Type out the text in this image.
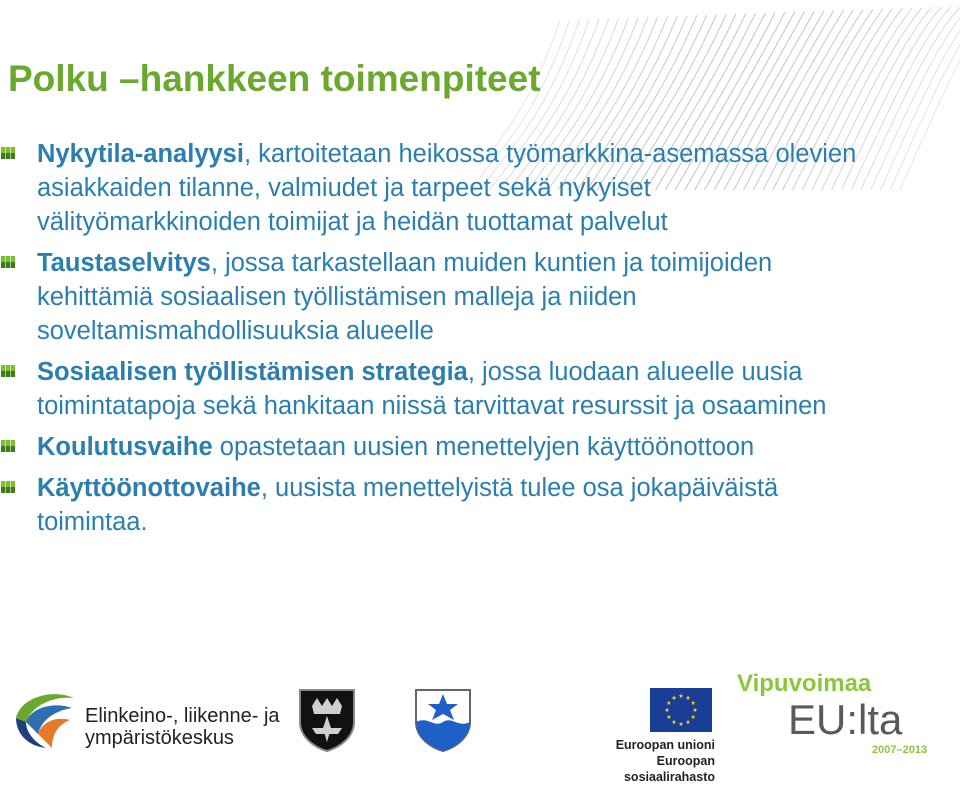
Polku –hankkeen toimenpiteet

Nykytila-analyysi, kartoitetaan heikossa työmarkkina-asemassa olevien asiakkaiden tilanne, valmiudet ja tarpeet sekä nykyiset välityömarkkinoiden toimijat ja heidän tuottamat palvelut

Taustaselvitys, jossa tarkastellaan muiden kuntien ja toimijoiden kehittämiä sosiaalisen työllistämisen malleja ja niiden soveltamismahdollisuuksia alueelle

Sosiaalisen työllistämisen strategia, jossa luodaan alueelle uusia toimintatapoja sekä hankitaan niissä tarvittavat resurssit ja osaaminen

Koulutusvaihe opastetaan uusien menettelyjen käyttöönottoon

Käyttöönottovaihe, uusista menettelyistä tulee osa jokapäiväistä toimintaa.

Elinkeino-, liikenne- ja
ympäristökeskus	Euroopan unioni
Euroopan sosiaalirahasto
Vipuvoimaa
EU:lta
2007–2013
